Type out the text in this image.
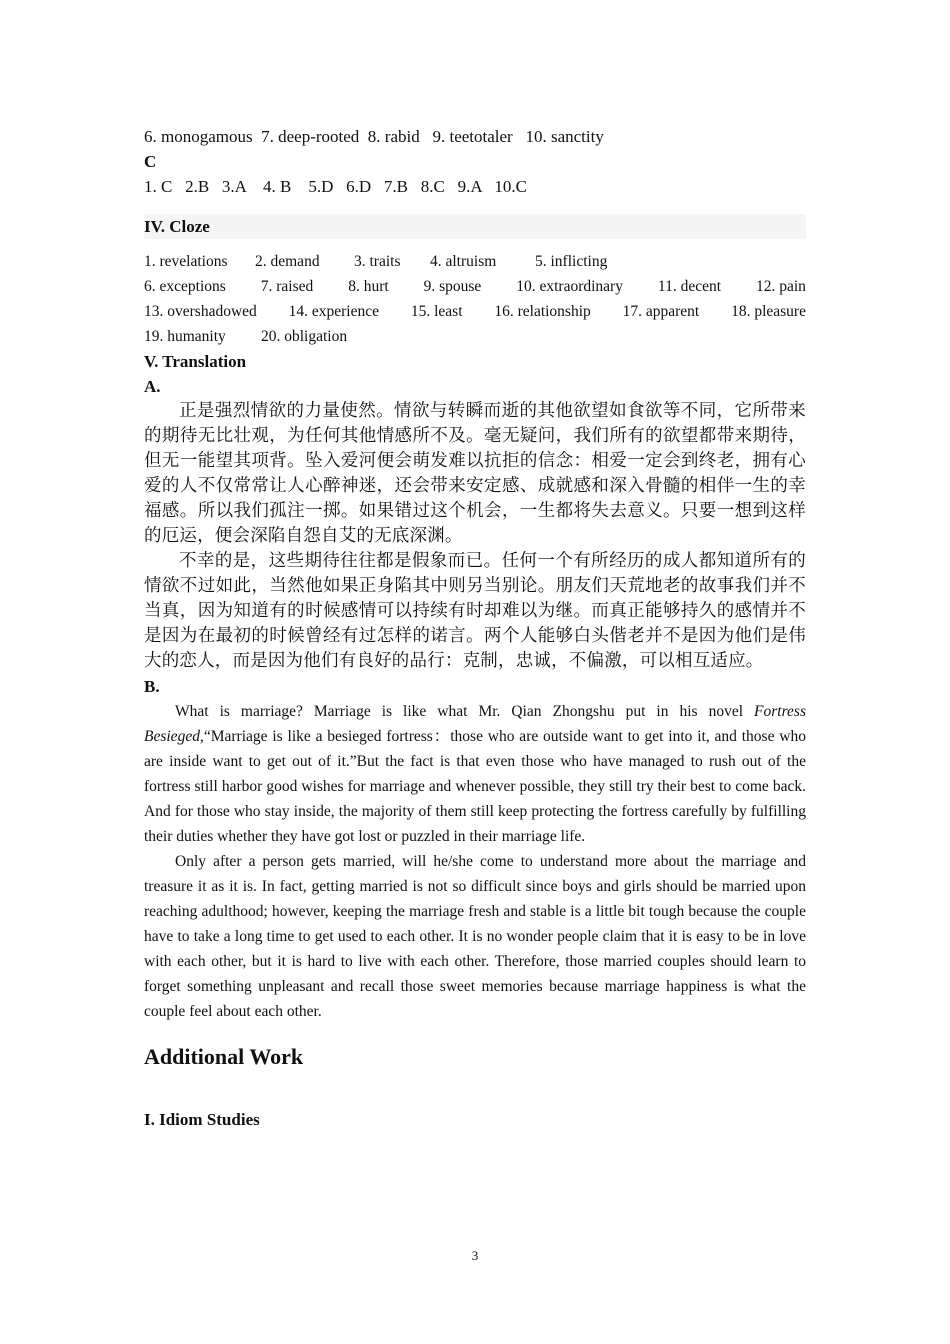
6. monogamous  7. deep-rooted  8. rabid   9. teetotaler   10. sanctity

C

1. C   2.B   3.A    4. B    5.D   6.D   7.B   8.C   9.A   10.C

IV. Cloze
1. revelations	2. demand	3. traits	4. altruism	5. inflicting
6. exceptions 7. raised 8. hurt 9. spouse 10. extraordinary 11. decent 12. pain
13. overshadowed 14. experience 15. least 16. relationship 17. apparent 18. pleasure
19. humanity	20. obligation

V. Translation

A.

正是强烈情欲的力量使然。情欲与转瞬而逝的其他欲望如食欲等不同，它所带来的期待无比壮观，为任何其他情感所不及。毫无疑问，我们所有的欲望都带来期待，但无一能望其项背。坠入爱河便会萌发难以抗拒的信念：相爱一定会到终老，拥有心爱的人不仅常常让人心醉神迷，还会带来安定感、成就感和深入骨髓的相伴一生的幸福感。所以我们孤注一掷。如果错过这个机会，一生都将失去意义。只要一想到这样的厄运，便会深陷自怨自艾的无底深渊。

不幸的是，这些期待往往都是假象而已。任何一个有所经历的成人都知道所有的情欲不过如此，当然他如果正身陷其中则另当别论。朋友们天荒地老的故事我们并不当真，因为知道有的时候感情可以持续有时却难以为继。而真正能够持久的感情并不是因为在最初的时候曾经有过怎样的诺言。两个人能够白头偕老并不是因为他们是伟大的恋人，而是因为他们有良好的品行：克制，忠诚，不偏激，可以相互适应。

B.

What is marriage? Marriage is like what Mr. Qian Zhongshu put in his novel Fortress Besieged,“Marriage is like a besieged fortress：those who are outside want to get into it, and those who are inside want to get out of it.”But the fact is that even those who have managed to rush out of the fortress still harbor good wishes for marriage and whenever possible, they still try their best to come back. And for those who stay inside, the majority of them still keep protecting the fortress carefully by fulfilling their duties whether they have got lost or puzzled in their marriage life.

Only after a person gets married, will he/she come to understand more about the marriage and treasure it as it is. In fact, getting married is not so difficult since boys and girls should be married upon reaching adulthood; however, keeping the marriage fresh and stable is a little bit tough because the couple have to take a long time to get used to each other. It is no wonder people claim that it is easy to be in love with each other, but it is hard to live with each other. Therefore, those married couples should learn to forget something unpleasant and recall those sweet memories because marriage happiness is what the couple feel about each other.

Additional Work
I. Idiom Studies
3
